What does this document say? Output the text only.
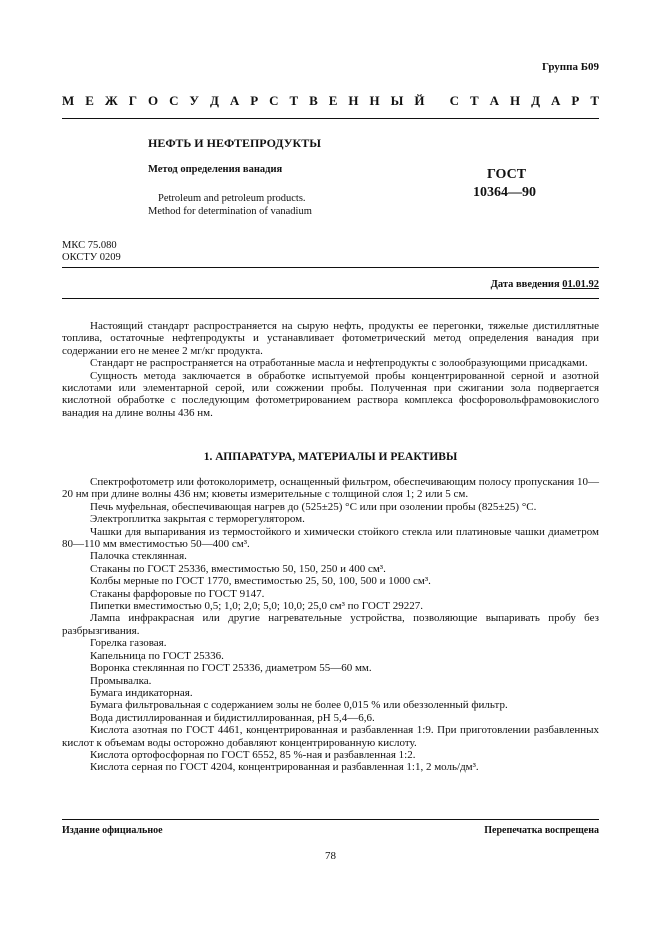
Группа Б09
М Е Ж Г О С У Д А Р С Т В Е Н Н Ы Й
С Т А Н Д А Р Т
НЕФТЬ И НЕФТЕПРОДУКТЫ
Метод определения ванадия
Petroleum and petroleum products.
Method for determination of vanadium
ГОСТ
10364—90
МКС 75.080
ОКСТУ 0209
Дата введения 01.01.92

Настоящий стандарт распространяется на сырую нефть, продукты ее перегонки, тяжелые дистиллятные топлива, остаточные нефтепродукты и устанавливает фотометрический метод определения ванадия при содержании его не менее 2 мг/кг продукта.

Стандарт не распространяется на отработанные масла и нефтепродукты с золообразующими присадками.

Сущность метода заключается в обработке испытуемой пробы концентрированной серной и азотной кислотами или элементарной серой, или сожжении пробы. Полученная при сжигании зола подвергается кислотной обработке с последующим фотометрированием раствора комплекса фосфоровольфрамовокислого ванадия на длине волны 436 нм.

1. АППАРАТУРА, МАТЕРИАЛЫ И РЕАКТИВЫ

Спектрофотометр или фотоколориметр, оснащенный фильтром, обеспечивающим полосу пропускания 10—20 нм при длине волны 436 нм; кюветы измерительные с толщиной слоя 1; 2 или 5 см.

Печь муфельная, обеспечивающая нагрев до (525±25) °С или при озолении пробы (825±25) °С.

Электроплитка закрытая с терморегулятором.

Чашки для выпаривания из термостойкого и химически стойкого стекла или платиновые чашки диаметром 80—110 мм вместимостью 50—400 см³.

Палочка стеклянная.

Стаканы по ГОСТ 25336, вместимостью 50, 150, 250 и 400 см³.

Колбы мерные по ГОСТ 1770, вместимостью 25, 50, 100, 500 и 1000 см³.

Стаканы фарфоровые по ГОСТ 9147.

Пипетки вместимостью 0,5; 1,0; 2,0; 5,0; 10,0; 25,0 см³ по ГОСТ 29227.

Лампа инфракрасная или другие нагревательные устройства, позволяющие выпаривать пробу без разбрызгивания.

Горелка газовая.

Капельница по ГОСТ 25336.

Воронка стеклянная по ГОСТ 25336, диаметром 55—60 мм.

Промывалка.

Бумага индикаторная.

Бумага фильтровальная с содержанием золы не более 0,015 % или обеззоленный фильтр.

Вода дистиллированная и бидистиллированная, pH 5,4—6,6.

Кислота азотная по ГОСТ 4461, концентрированная и разбавленная 1:9. При приготовлении разбавленных кислот к объемам воды осторожно добавляют концентрированную кислоту.

Кислота ортофосфорная по ГОСТ 6552, 85 %-ная и разбавленная 1:2.

Кислота серная по ГОСТ 4204, концентрированная и разбавленная 1:1, 2 моль/дм³.

Издание официальное	Перепечатка воспрещена
78
